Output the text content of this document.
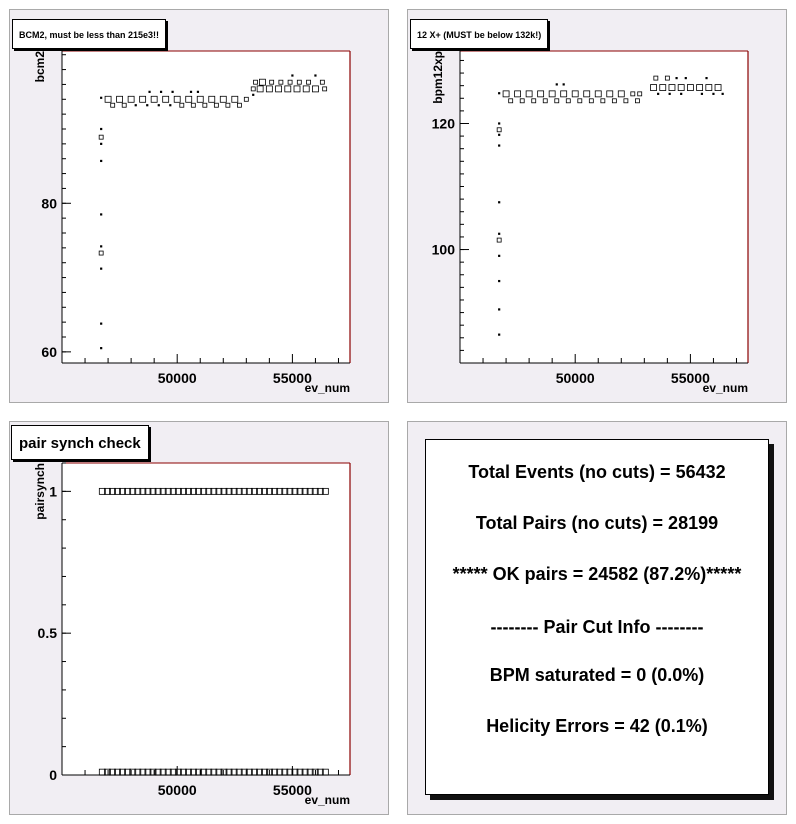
50000	55000
60
80
ev_num
bcm2
BCM2, must be less than 215e3!!
50000	55000
100
120
ev_num
bpm12xp
12 X+ (MUST be below 132k!)
50000	55000
0
0.5
1
ev_num
pairsynch
pair synch check
Total Events (no cuts) = 56432
Total Pairs (no cuts) = 28199
***** OK pairs = 24582 (87.2%)*****
-------- Pair Cut Info --------
BPM saturated = 0 (0.0%)
Helicity Errors = 42 (0.1%)
